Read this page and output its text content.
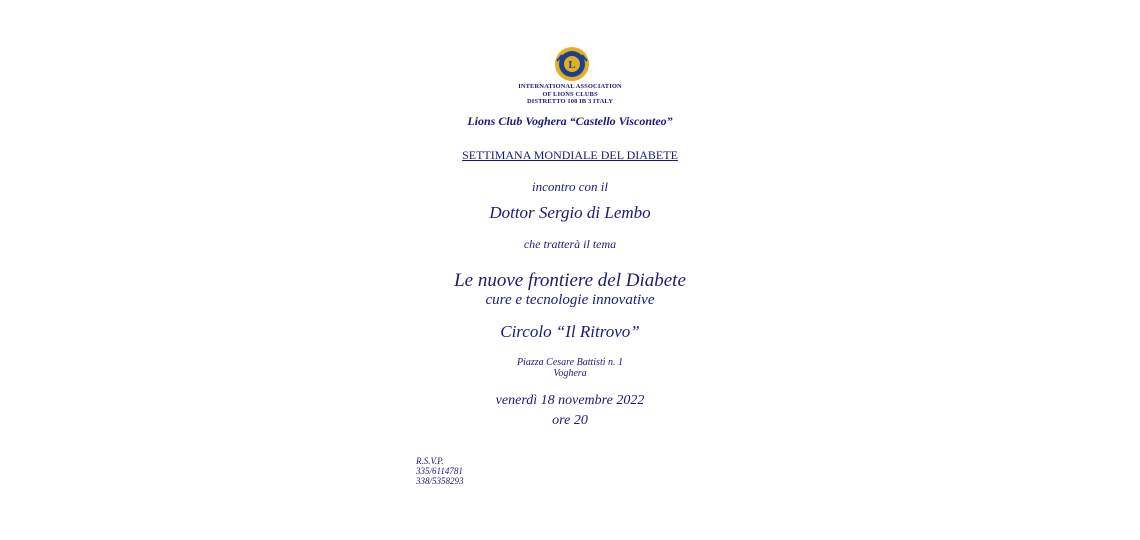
L
INTERNATIONAL ASSOCIATION
OF LIONS CLUBS
DISTRETTO 108 IB 3 ITALY
Lions Club Voghera “Castello Visconteo”
SETTIMANA MONDIALE DEL DIABETE
incontro con il
Dottor Sergio di Lembo
che tratterà il tema
Le nuove frontiere del Diabete
cure e tecnologie innovative
Circolo “Il Ritrovo”
Piazza Cesare Battisti n. 1
Voghera
venerdì 18 novembre 2022
ore 20
R.S.V.P.
335/6114781
338/5358293
